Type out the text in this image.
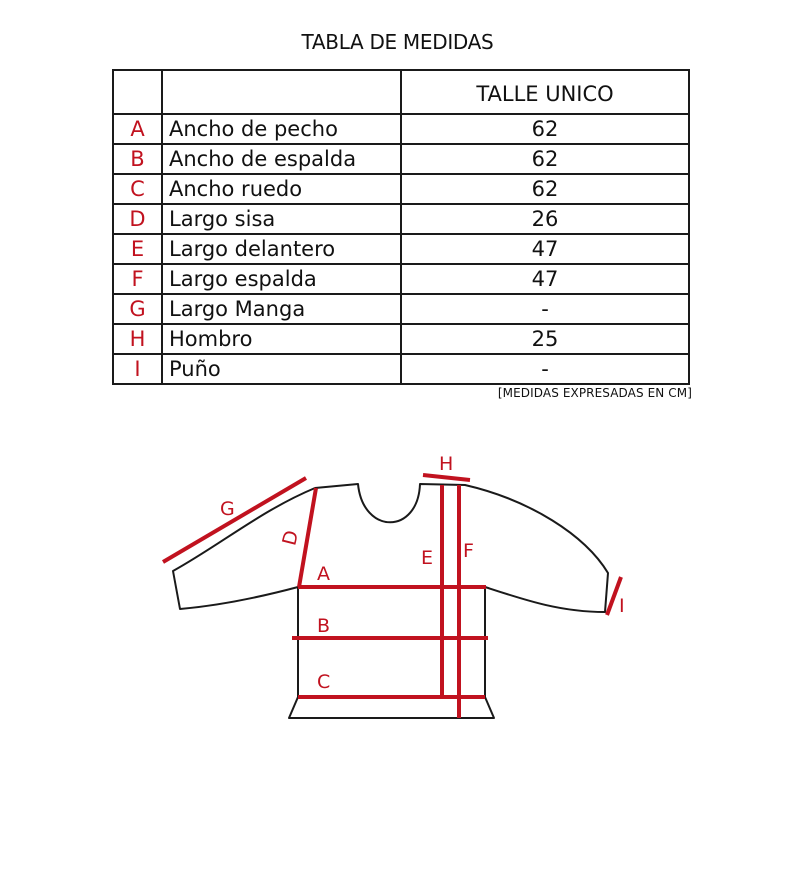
TABLA DE MEDIDAS
		TALLE UNICO
A	Ancho de pecho	62
B	Ancho de espalda	62
C	Ancho ruedo	62
D	Largo sisa	26
E	Largo delantero	47
F	Largo espalda	47
G	Largo Manga	-
H	Hombro	25
I	Puño	-
[MEDIDAS EXPRESADAS EN CM]
G
H
D
A
B
C
E F
I
